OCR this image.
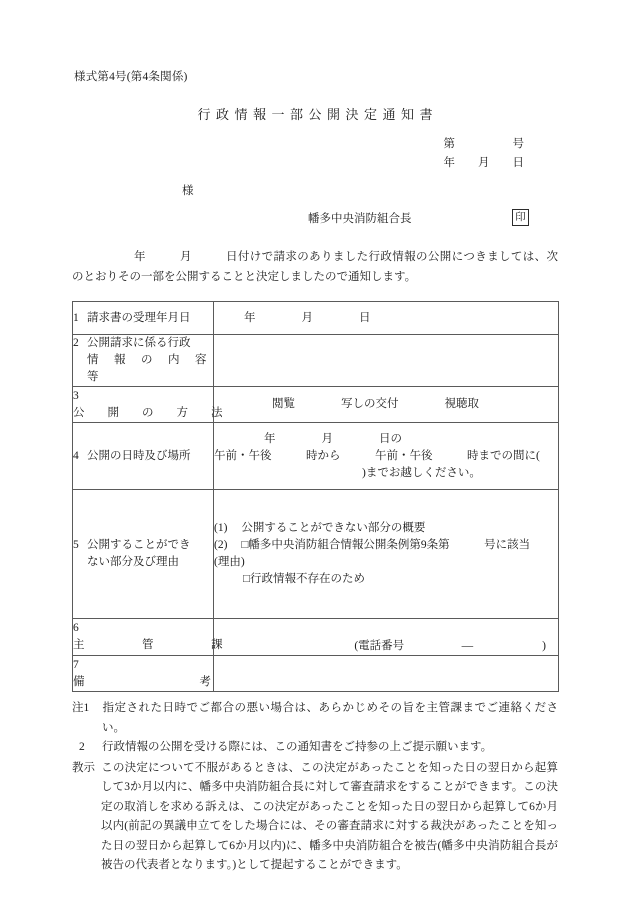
様式第4号(第4条関係)
行政情報一部公開決定通知書
第　　　　　号
年　　月　　日
様
幡多中央消防組合長	印

年　　　月　　　日付けで請求のありました行政情報の公開につきましては、次のとおりその一部を公開することと決定しましたので通知します。

1 請求書の受理年月日	年　　　　月　　　　日
2 公開請求に係る行政
情　報　の　内　容　等	

3公　　開　　の　　方　　法	閲覧　　　　写しの交付　　　　視聴取
4 公開の日時及び場所	年　　　　月　　　　日の
午前・午後　　　時から　　　午前・午後　　　時までの間に(
)までお越しください。

5 公開することができ
ない部分及び理由	(1) 公開することができない部分の概要
(2) □幡多中央消防組合情報公開条例第9条第　　　号に該当
(理由)
□行政情報不存在のため

6主　　　　　管　　　　　課	(電話番号　　　　　―　　　　　　)

7備　　　　　　　　　　考	
注1 指定された日時でご都合の悪い場合は、あらかじめその旨を主管課までご連絡ください。
2 行政情報の公開を受ける際には、この通知書をご持参の上ご提示願います。

教示 この決定について不服があるときは、この決定があったことを知った日の翌日から起算して3か月以内に、幡多中央消防組合長に対して審査請求をすることができます。この決定の取消しを求める訴えは、この決定があったことを知った日の翌日から起算して6か月以内(前記の異議申立てをした場合には、その審査請求に対する裁決があったことを知った日の翌日から起算して6か月以内)に、幡多中央消防組合を被告(幡多中央消防組合長が被告の代表者となります。)として提起することができます。
